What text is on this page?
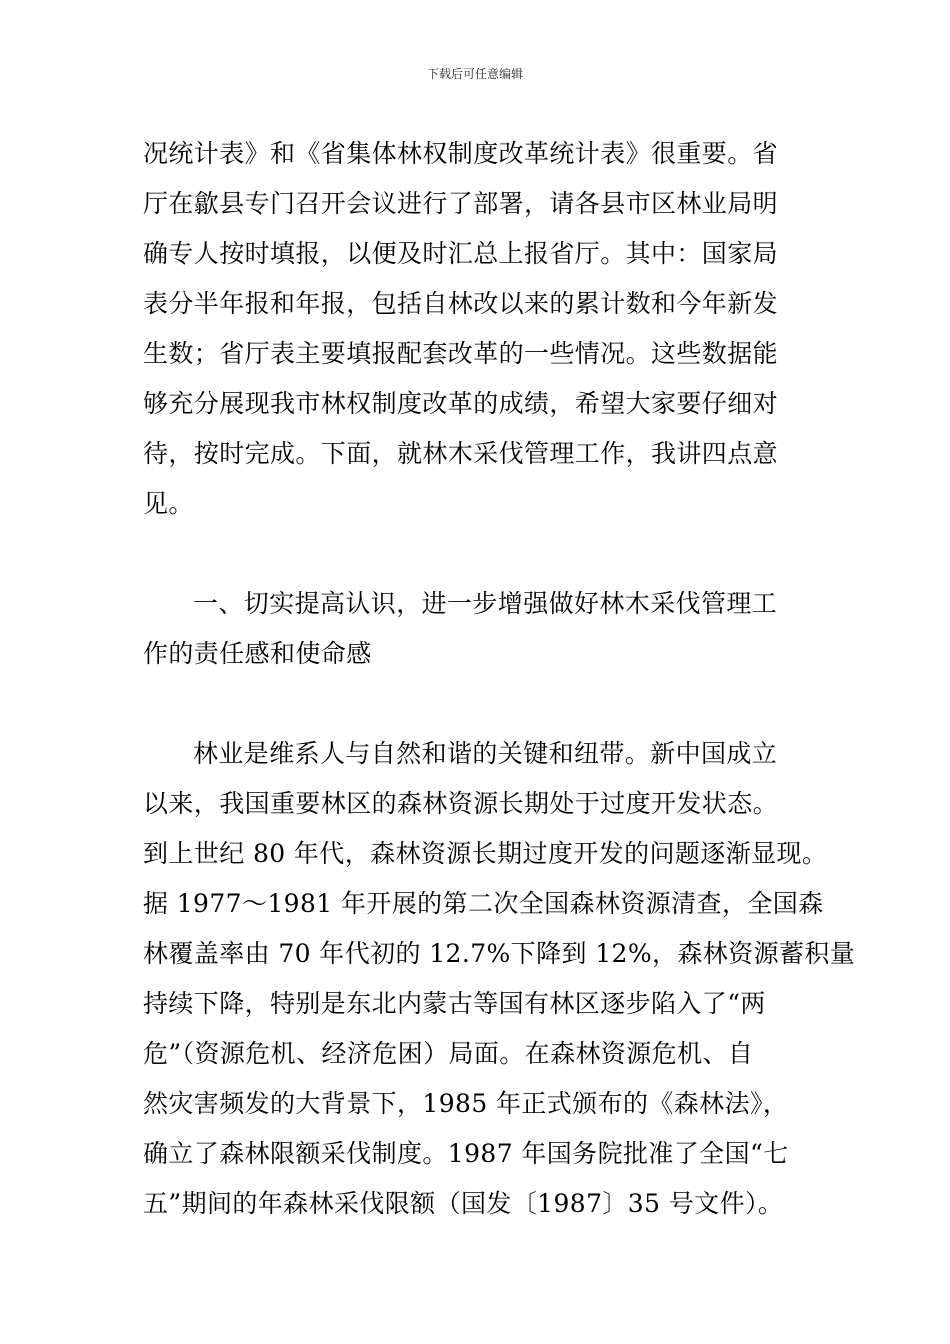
下载后可任意编辑
况统计表》和《省集体林权制度改革统计表》很重要。省
厅在歙县专门召开会议进行了部署，请各县市区林业局明
确专人按时填报，以便及时汇总上报省厅。其中：国家局
表分半年报和年报，包括自林改以来的累计数和今年新发
生数；省厅表主要填报配套改革的一些情况。这些数据能
够充分展现我市林权制度改革的成绩，希望大家要仔细对
待，按时完成。下面，就林木采伐管理工作，我讲四点意
见。
一、切实提高认识，进一步增强做好林木采伐管理工
作的责任感和使命感
林业是维系人与自然和谐的关键和纽带。新中国成立
以来，我国重要林区的森林资源长期处于过度开发状态。
到上世纪 80 年代，森林资源长期过度开发的问题逐渐显现。
据 1977～1981 年开展的第二次全国森林资源清查，全国森
林覆盖率由 70 年代初的 12.7%下降到 12%，森林资源蓄积量
持续下降，特别是东北内蒙古等国有林区逐步陷入了“两
危”（资源危机、经济危困）局面。在森林资源危机、自
然灾害频发的大背景下，1985 年正式颁布的《森林法》，
确立了森林限额采伐制度。1987 年国务院批准了全国“七
五”期间的年森林采伐限额（国发〔1987〕35 号文件）。
